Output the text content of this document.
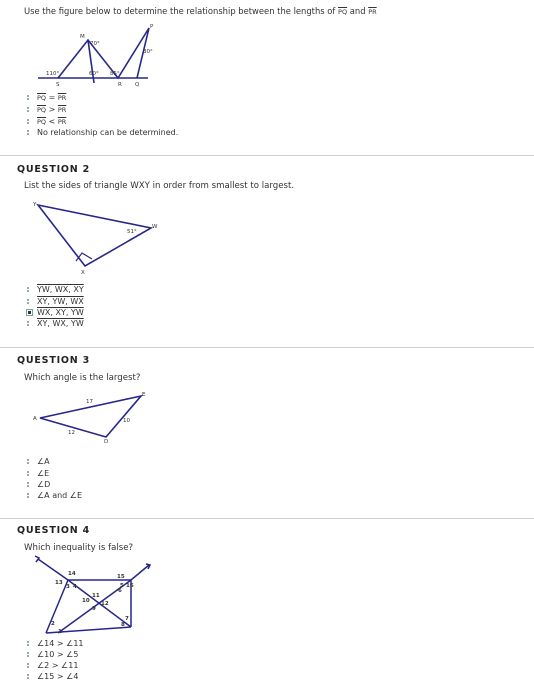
Use the figure below to determine the relationship between the lengths of $\overline{PQ}$ and $\overline{PR}$
M
P
S	R Q
70°
30°
110°	60° 85°
$\overline{PQ} = \overline{PR}$
$\overline{PQ} > \overline{PR}$
$\overline{PQ} < \overline{PR}$
No relationship can be determined.
QUESTION 2
List the sides of triangle WXY in order from smallest to largest.
Y
W
X
51°
YW, WX, XY
XY, YW, WX
WX, XY, YW
XY, WX, YW
QUESTION 3
Which angle is the largest?
A
E
D
17
10
12
∠A
∠E
∠D
∠A and ∠E
QUESTION 4
Which inequality is false?
14
13
3 4
15
5 16
6
11
10 12
9
2
1
7
8
∠14 > ∠11
∠10 > ∠5
∠2 > ∠11
∠15 > ∠4
